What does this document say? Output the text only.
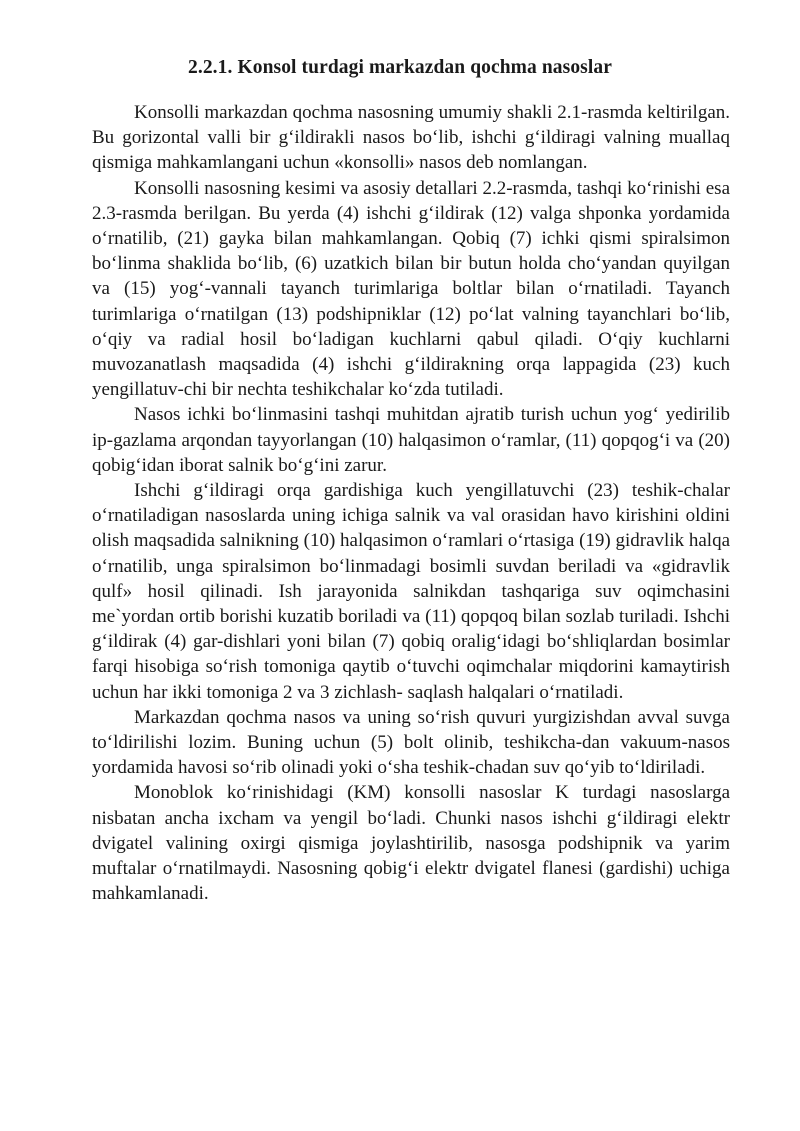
2.2.1. Konsol turdagi markazdan qochma nasoslar

Konsolli markazdan qochma nasosning umumiy shakli 2.1-rasmda keltirilgan. Bu gorizontal valli bir g‘ildirakli nasos bo‘lib, ishchi g‘ildiragi valning muallaq qismiga mahkamlangani uchun «konsolli» nasos deb nomlangan.

Konsolli nasosning kesimi va asosiy detallari 2.2-rasmda, tashqi ko‘rinishi esa 2.3-rasmda berilgan. Bu yerda (4) ishchi g‘ildirak (12) valga shponka yordamida o‘rnatilib, (21) gayka bilan mahkamlangan. Qobiq (7) ichki qismi spiralsimon bo‘linma shaklida bo‘lib, (6) uzatkich bilan bir butun holda cho‘yandan quyilgan va (15) yog‘-vannali tayanch turimlariga boltlar bilan o‘rnatiladi. Tayanch turimlariga o‘rnatilgan (13) podshipniklar (12) po‘lat valning tayanchlari bo‘lib, o‘qiy va radial hosil bo‘ladigan kuchlarni qabul qiladi. O‘qiy kuchlarni muvozanatlash maqsadida (4) ishchi g‘ildirakning orqa lappagida (23) kuch yengillatuv-chi bir nechta teshikchalar ko‘zda tutiladi.

Nasos ichki bo‘linmasini tashqi muhitdan ajratib turish uchun yog‘ yedirilib ip-gazlama arqondan tayyorlangan (10) halqasimon o‘ramlar, (11) qopqog‘i va (20) qobig‘idan iborat salnik bo‘g‘ini zarur.

Ishchi g‘ildiragi orqa gardishiga kuch yengillatuvchi (23) teshik-chalar o‘rnatiladigan nasoslarda uning ichiga salnik va val orasidan havo kirishini oldini olish maqsadida salnikning (10) halqasimon o‘ramlari o‘rtasiga (19) gidravlik halqa o‘rnatilib, unga spiralsimon bo‘linmadagi bosimli suvdan beriladi va «gidravlik qulf» hosil qilinadi. Ish jarayonida salnikdan tashqariga suv oqimchasini me`yordan ortib borishi kuzatib boriladi va (11) qopqoq bilan sozlab turiladi. Ishchi g‘ildirak (4) gar-dishlari yoni bilan (7) qobiq oralig‘idagi bo‘shliqlardan bosimlar farqi hisobiga so‘rish tomoniga qaytib o‘tuvchi oqimchalar miqdorini kamaytirish uchun har ikki tomoniga 2 va 3 zichlash- saqlash halqalari o‘rnatiladi.

Markazdan qochma nasos va uning so‘rish quvuri yurgizishdan avval suvga to‘ldirilishi lozim. Buning uchun (5) bolt olinib, teshikcha-dan vakuum-nasos yordamida havosi so‘rib olinadi yoki o‘sha teshik-chadan suv qo‘yib to‘ldiriladi.

Monoblok ko‘rinishidagi (KM) konsolli nasoslar K turdagi nasoslarga nisbatan ancha ixcham va yengil bo‘ladi. Chunki nasos ishchi g‘ildiragi elektr dvigatel valining oxirgi qismiga joylashtirilib, nasosga podshipnik va yarim muftalar o‘rnatilmaydi. Nasosning qobig‘i elektr dvigatel flanesi (gardishi) uchiga mahkamlanadi.
